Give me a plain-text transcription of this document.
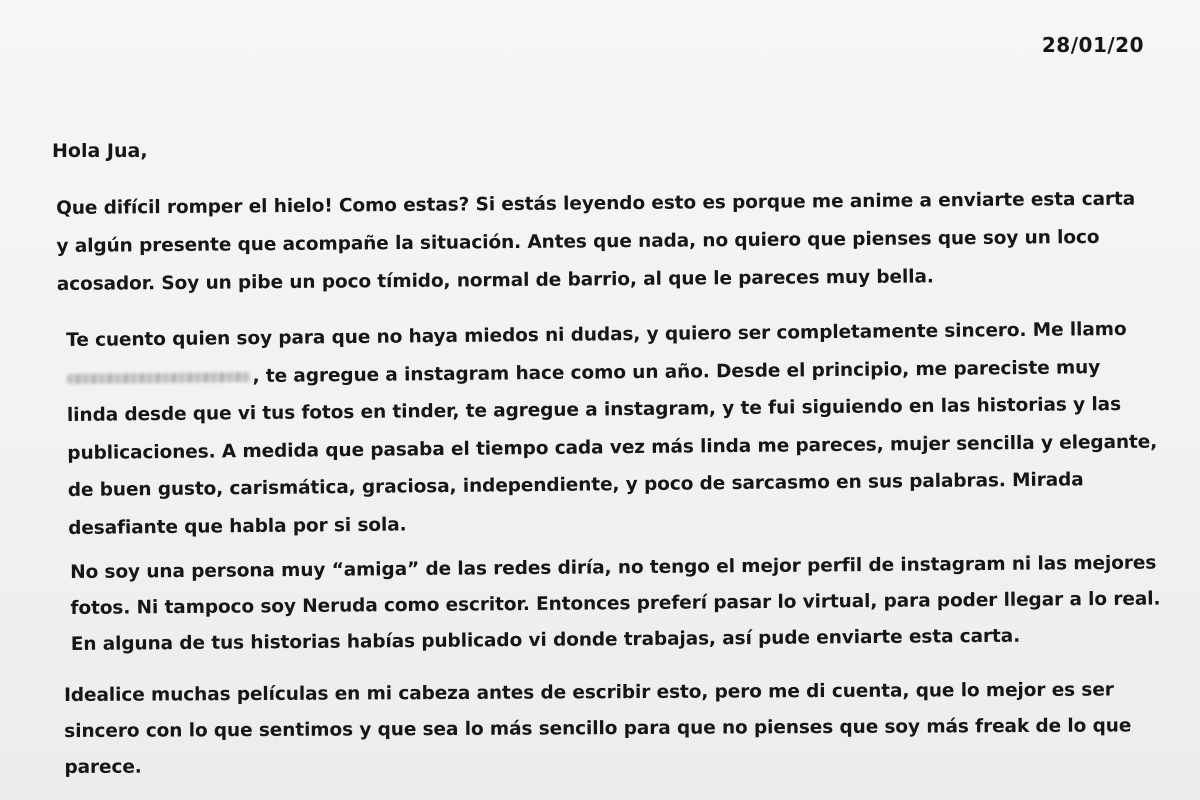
28/01/20
Hola Jua,
Que difícil romper el hielo! Como estas? Si estás leyendo esto es porque me anime a enviarte esta carta
y algún presente que acompañe la situación. Antes que nada, no quiero que pienses que soy un loco
acosador. Soy un pibe un poco tímido, normal de barrio, al que le pareces muy bella.
Te cuento quien soy para que no haya miedos ni dudas, y quiero ser completamente sincero. Me llamo
, te agregue a instagram hace como un año. Desde el principio, me pareciste muy
linda desde que vi tus fotos en tinder, te agregue a instagram, y te fui siguiendo en las historias y las
publicaciones. A medida que pasaba el tiempo cada vez más linda me pareces, mujer sencilla y elegante,
de buen gusto, carismática, graciosa, independiente, y poco de sarcasmo en sus palabras. Mirada
desafiante que habla por si sola.
No soy una persona muy “amiga” de las redes diría, no tengo el mejor perfil de instagram ni las mejores
fotos. Ni tampoco soy Neruda como escritor. Entonces preferí pasar lo virtual, para poder llegar a lo real.
En alguna de tus historias habías publicado vi donde trabajas, así pude enviarte esta carta.
Idealice muchas películas en mi cabeza antes de escribir esto, pero me di cuenta, que lo mejor es ser
sincero con lo que sentimos y que sea lo más sencillo para que no pienses que soy más freak de lo que
parece.
